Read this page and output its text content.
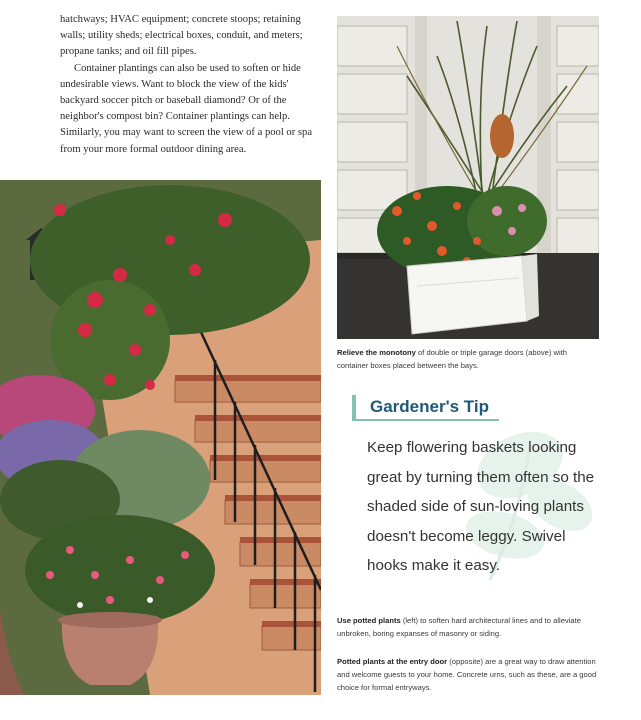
hatchways; HVAC equipment; concrete stoops; retaining walls; utility sheds; electrical boxes, conduit, and meters; propane tanks; and oil fill pipes.

Container plantings can also be used to soften or hide undesirable views. Want to block the view of the kids' backyard soccer pitch or baseball diamond? Or of the neighbor's compost bin? Container plantings can help. Similarly, you may want to screen the view of a pool or spa from your more formal outdoor dining area.

Relieve the monotony of double or triple garage doors (above) with container boxes placed between the bays.
Gardener's Tip
Keep flowering baskets looking great by turning them often so the shaded side of sun-loving plants doesn't become leggy. Swivel hooks make it easy.
Use potted plants (left) to soften hard architectural lines and to alleviate unbroken, boring expanses of masonry or siding.
Potted plants at the entry door (opposite) are a great way to draw attention and welcome guests to your home. Concrete urns, such as these, are a good choice for formal entryways.
